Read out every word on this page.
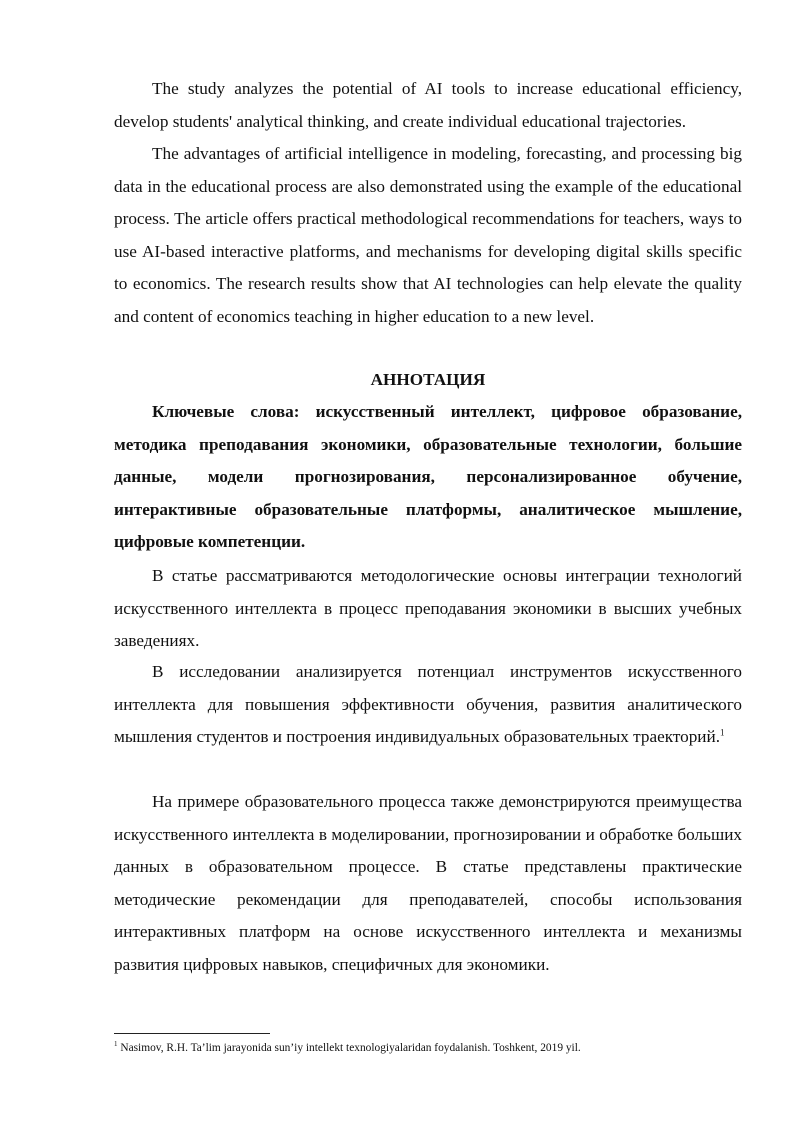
The study analyzes the potential of AI tools to increase educational efficiency, develop students' analytical thinking, and create individual educational trajectories.

The advantages of artificial intelligence in modeling, forecasting, and processing big data in the educational process are also demonstrated using the example of the educational process. The article offers practical methodological recommendations for teachers, ways to use AI-based interactive platforms, and mechanisms for developing digital skills specific to economics. The research results show that AI technologies can help elevate the quality and content of economics teaching in higher education to a new level.

АННОТАЦИЯ

Ключевые слова: искусственный интеллект, цифровое образование, методика преподавания экономики, образовательные технологии, большие данные, модели прогнозирования, персонализированное обучение, интерактивные образовательные платформы, аналитическое мышление, цифровые компетенции.

В статье рассматриваются методологические основы интеграции технологий искусственного интеллекта в процесс преподавания экономики в высших учебных заведениях.

В исследовании анализируется потенциал инструментов искусственного интеллекта для повышения эффективности обучения, развития аналитического мышления студентов и построения индивидуальных образовательных траекторий.$^1$

На примере образовательного процесса также демонстрируются преимущества искусственного интеллекта в моделировании, прогнозировании и обработке больших данных в образовательном процессе. В статье представлены практические методические рекомендации для преподавателей, способы использования интерактивных платформ на основе искусственного интеллекта и механизмы развития цифровых навыков, специфичных для экономики.

$^1$ Nasimov, R.H. Ta’lim jarayonida sun’iy intellekt texnologiyalaridan foydalanish. Toshkent, 2019 yil.
